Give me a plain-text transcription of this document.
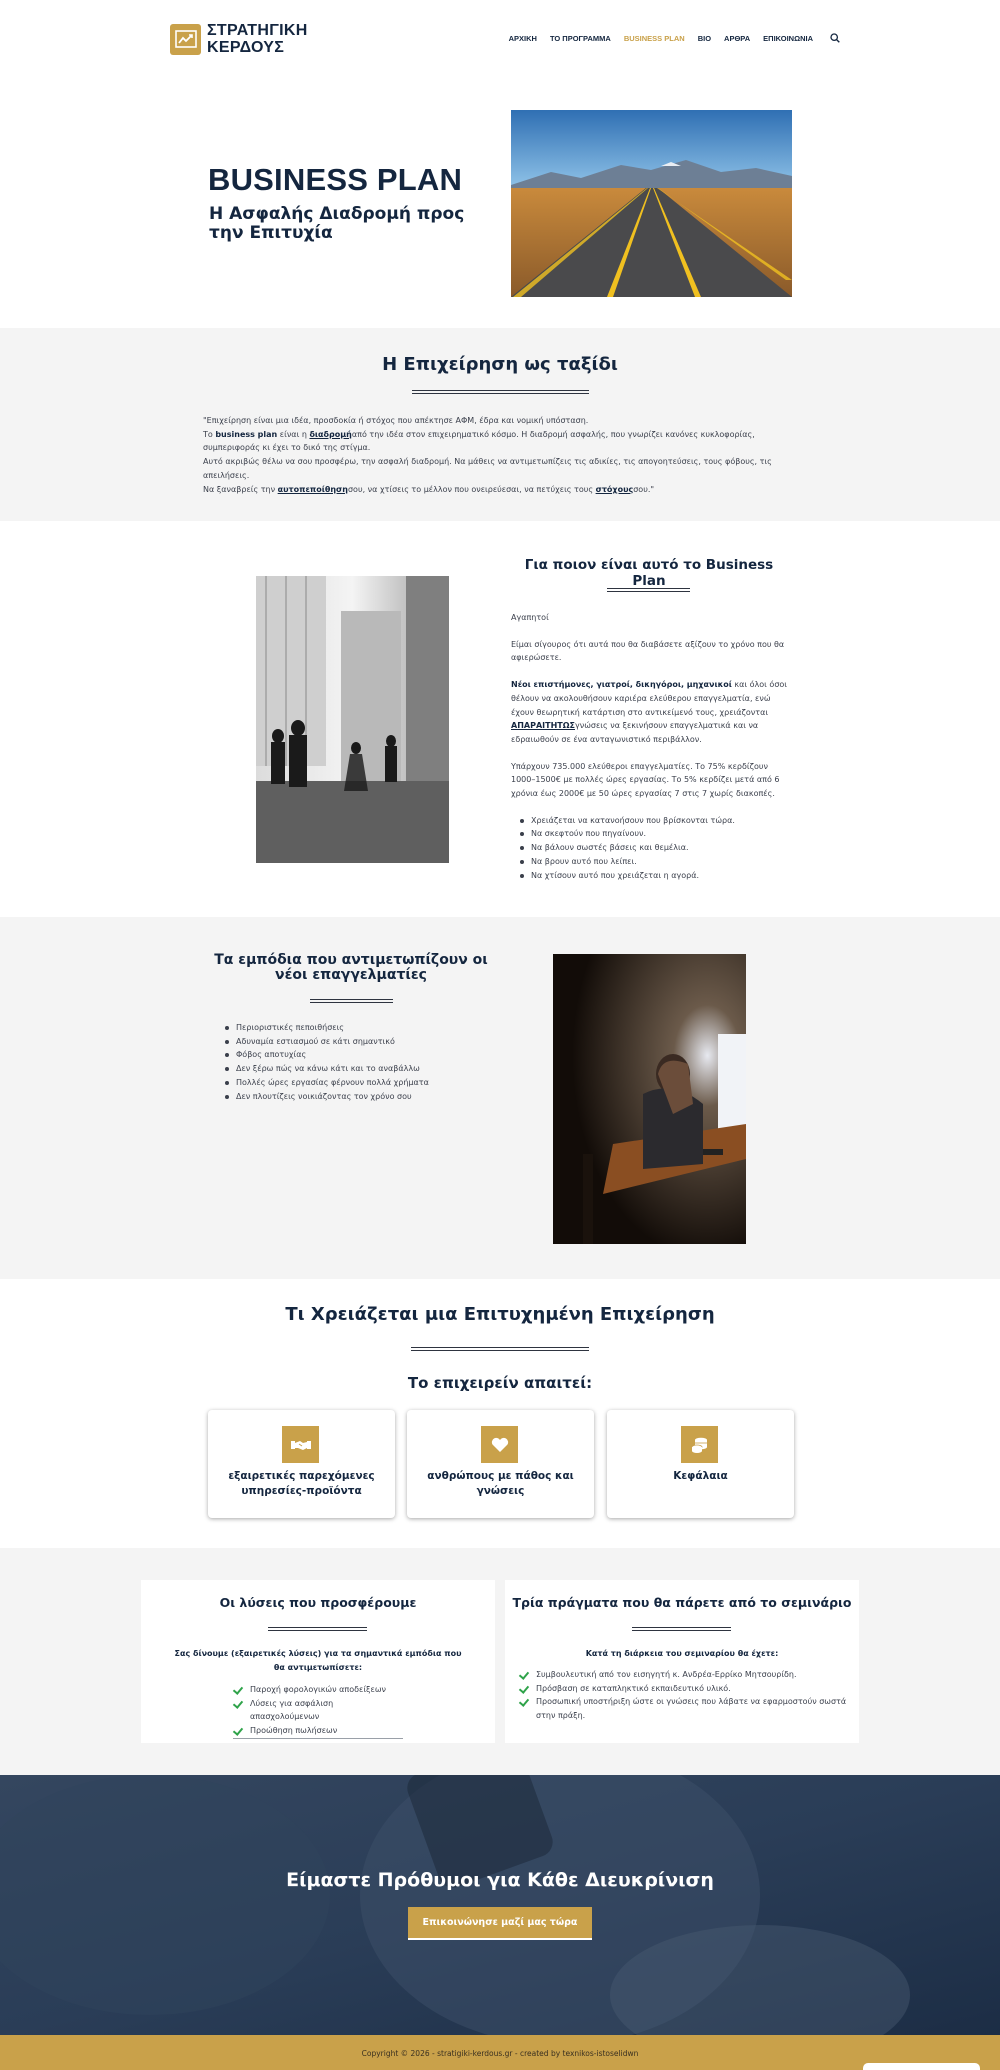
ΣΤΡΑΤΗΓΙΚΗ
ΚΕΡΔΟΥΣ
ΑΡΧΙΚΗ ΤΟ ΠΡΟΓΡΑΜΜΑ BUSINESS PLAN BIO ΑΡΘΡΑ ΕΠΙΚΟΙΝΩΝΙΑ
BUSINESS PLAN
Η Ασφαλής Διαδρομή προς την Επιτυχία
Η Επιχείρηση ως ταξίδι
"Επιχείρηση είναι μια ιδέα, προσδοκία ή στόχος που απέκτησε ΑΦΜ, έδρα και νομική υπόσταση.
Το business plan είναι η διαδρομήαπό την ιδέα στον επιχειρηματικό κόσμο. Η διαδρομή ασφαλής, που γνωρίζει κανόνες κυκλοφορίας, συμπεριφοράς κι έχει το δικό της στίγμα.
Αυτό ακριβώς θέλω να σου προσφέρω, την ασφαλή διαδρομή. Να μάθεις να αντιμετωπίζεις τις αδικίες, τις απογοητεύσεις, τους φόβους, τις απειλήσεις.
Να ξαναβρείς την αυτοπεποίθησησου, να χτίσεις το μέλλον που ονειρεύεσαι, να πετύχεις τους στόχουςσου."
Για ποιον είναι αυτό το Business Plan

Αγαπητοί

Είμαι σίγουρος ότι αυτά που θα διαβάσετε αξίζουν το χρόνο που θα αφιερώσετε.

Νέοι επιστήμονες, γιατροί, δικηγόροι, μηχανικοί και όλοι όσοι θέλουν να ακολουθήσουν καριέρα ελεύθερου επαγγελματία, ενώ έχουν θεωρητική κατάρτιση στο αντικείμενό τους, χρειάζονται ΑΠΑΡΑΙΤΗΤΩΣγνώσεις να ξεκινήσουν επαγγελματικά και να εδραιωθούν σε ένα ανταγωνιστικό περιβάλλον.

Υπάρχουν 735.000 ελεύθεροι επαγγελματίες. Το 75% κερδίζουν 1000–1500€ με πολλές ώρες εργασίας. Το 5% κερδίζει μετά από 6 χρόνια έως 2000€ με 50 ώρες εργασίας 7 στις 7 χωρίς διακοπές.

Χρειάζεται να κατανοήσουν που βρίσκονται τώρα.
Να σκεφτούν που πηγαίνουν.
Να βάλουν σωστές βάσεις και θεμέλια.
Να βρουν αυτό που λείπει.
Να χτίσουν αυτό που χρειάζεται η αγορά.
Τα εμπόδια που αντιμετωπίζουν οι νέοι επαγγελματίες
Περιοριστικές πεποιθήσεις
Αδυναμία εστιασμού σε κάτι σημαντικό
Φόβος αποτυχίας
Δεν ξέρω πώς να κάνω κάτι και το αναβάλλω
Πολλές ώρες εργασίας φέρνουν πολλά χρήματα
Δεν πλουτίζεις νοικιάζοντας τον χρόνο σου
Τι Χρειάζεται μια Επιτυχημένη Επιχείρηση
Το επιχειρείν απαιτεί:
εξαιρετικές παρεχόμενες υπηρεσίες-προϊόντα
ανθρώπους με πάθος και γνώσεις
Κεφάλαια
Οι λύσεις που προσφέρουμε
Σας δίνουμε (εξαιρετικές λύσεις) για τα σημαντικά εμπόδια που θα αντιμετωπίσετε:
Παροχή φορολογικών αποδείξεων
Λύσεις για ασφάλιση απασχολούμενων
Προώθηση πωλήσεων
Τρία πράγματα που θα πάρετε από το σεμινάριο
Κατά τη διάρκεια του σεμιναρίου θα έχετε:
Συμβουλευτική από τον εισηγητή κ. Ανδρέα-Ερρίκο Μητσουρίδη.
Πρόσβαση σε καταπληκτικό εκπαιδευτικό υλικό.
Προσωπική υποστήριξη ώστε οι γνώσεις που λάβατε να εφαρμοστούν σωστά στην πράξη.
Είμαστε Πρόθυμοι για Κάθε Διευκρίνιση
Επικοινώνησε μαζί μας τώρα
Copyright © 2026 - stratigiki-kerdous.gr - created by texnikos-istoselidwn
